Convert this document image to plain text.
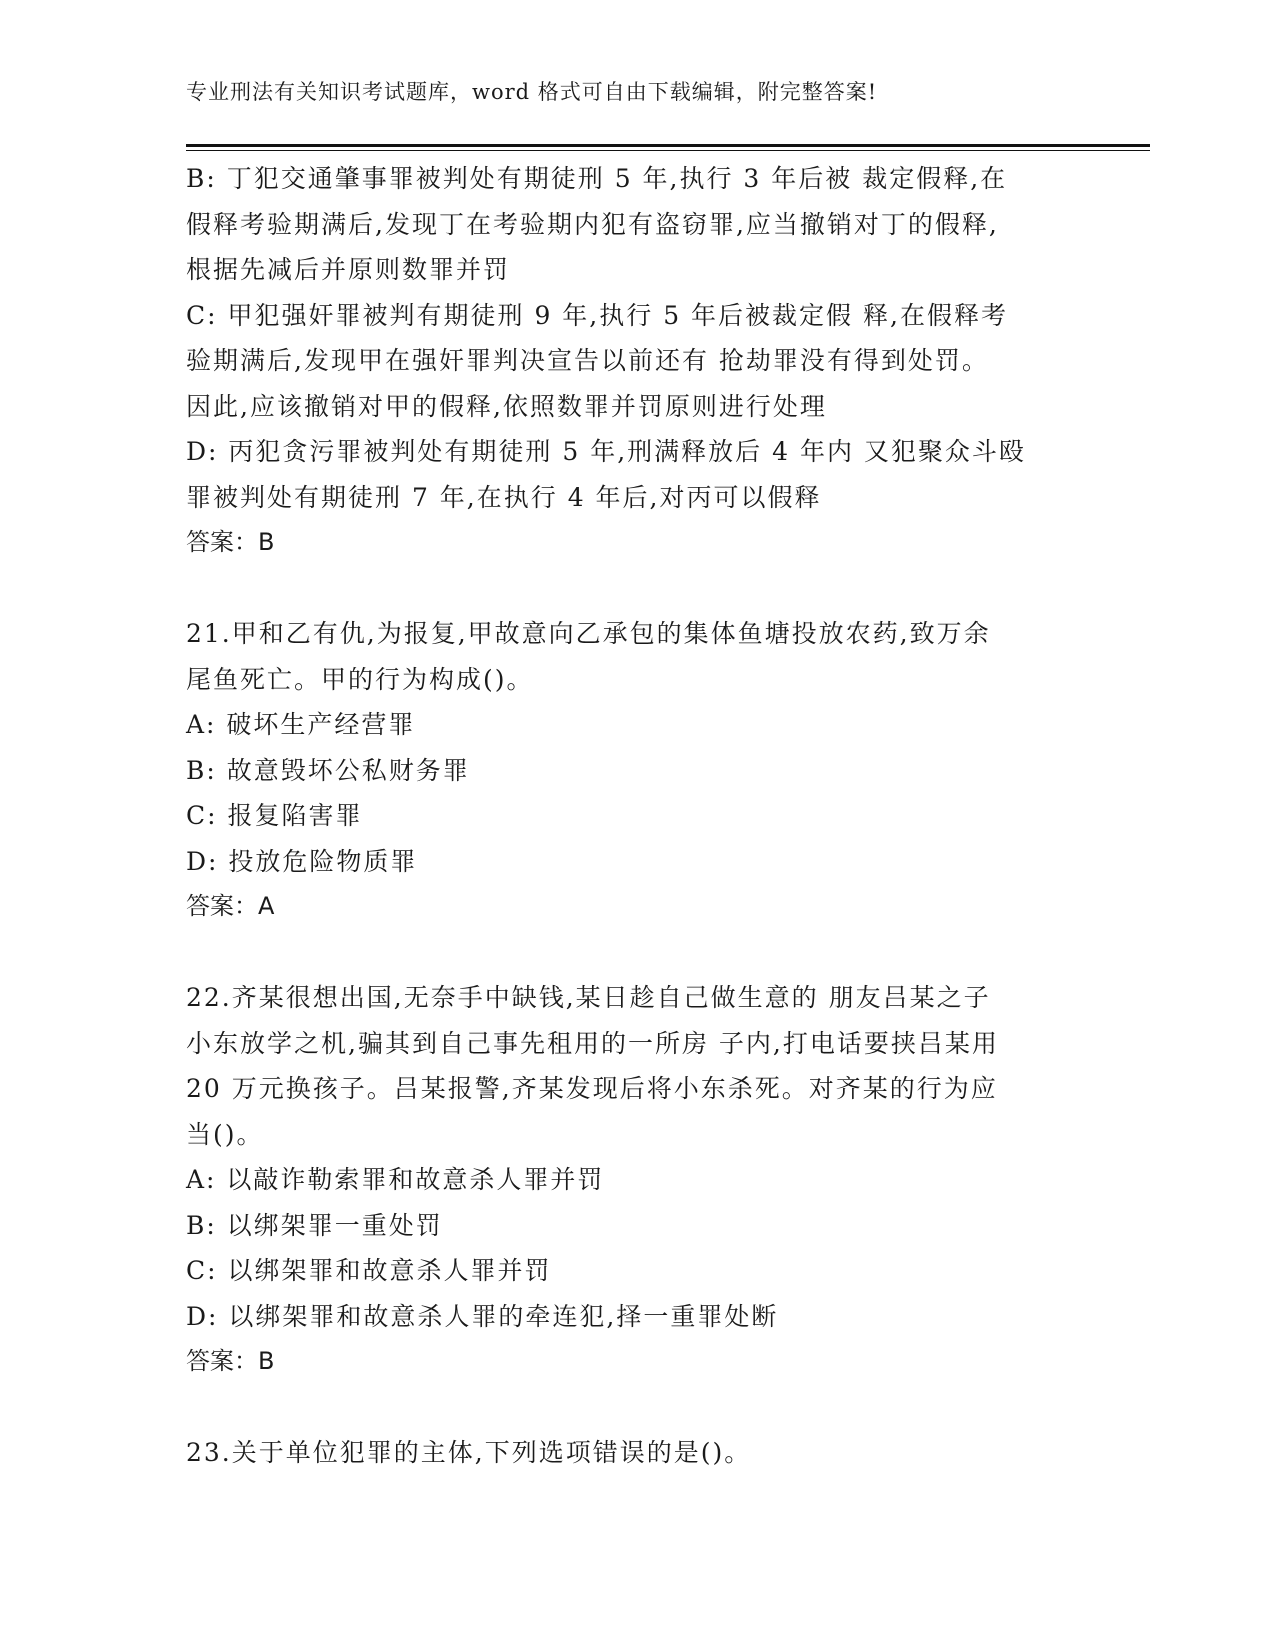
专业刑法有关知识考试题库，word 格式可自由下载编辑，附完整答案!
B: 丁犯交通肇事罪被判处有期徒刑 5 年,执行 3 年后被 裁定假释,在
假释考验期满后,发现丁在考验期内犯有盗窃罪,应当撤销对丁的假释,
根据先减后并原则数罪并罚
C: 甲犯强奸罪被判有期徒刑 9 年,执行 5 年后被裁定假 释,在假释考
验期满后,发现甲在强奸罪判决宣告以前还有 抢劫罪没有得到处罚。
因此,应该撤销对甲的假释,依照数罪并罚原则进行处理
D: 丙犯贪污罪被判处有期徒刑 5 年,刑满释放后 4 年内 又犯聚众斗殴
罪被判处有期徒刑 7 年,在执行 4 年后,对丙可以假释
答案：B
21.甲和乙有仇,为报复,甲故意向乙承包的集体鱼塘投放农药,致万余
尾鱼死亡。甲的行为构成()。
A: 破坏生产经营罪
B: 故意毁坏公私财务罪
C: 报复陷害罪
D: 投放危险物质罪
答案：A
22.齐某很想出国,无奈手中缺钱,某日趁自己做生意的 朋友吕某之子
小东放学之机,骗其到自己事先租用的一所房 子内,打电话要挟吕某用
20 万元换孩子。吕某报警,齐某发现后将小东杀死。对齐某的行为应
当()。
A: 以敲诈勒索罪和故意杀人罪并罚
B: 以绑架罪一重处罚
C: 以绑架罪和故意杀人罪并罚
D: 以绑架罪和故意杀人罪的牵连犯,择一重罪处断
答案：B
23.关于单位犯罪的主体,下列选项错误的是()。
